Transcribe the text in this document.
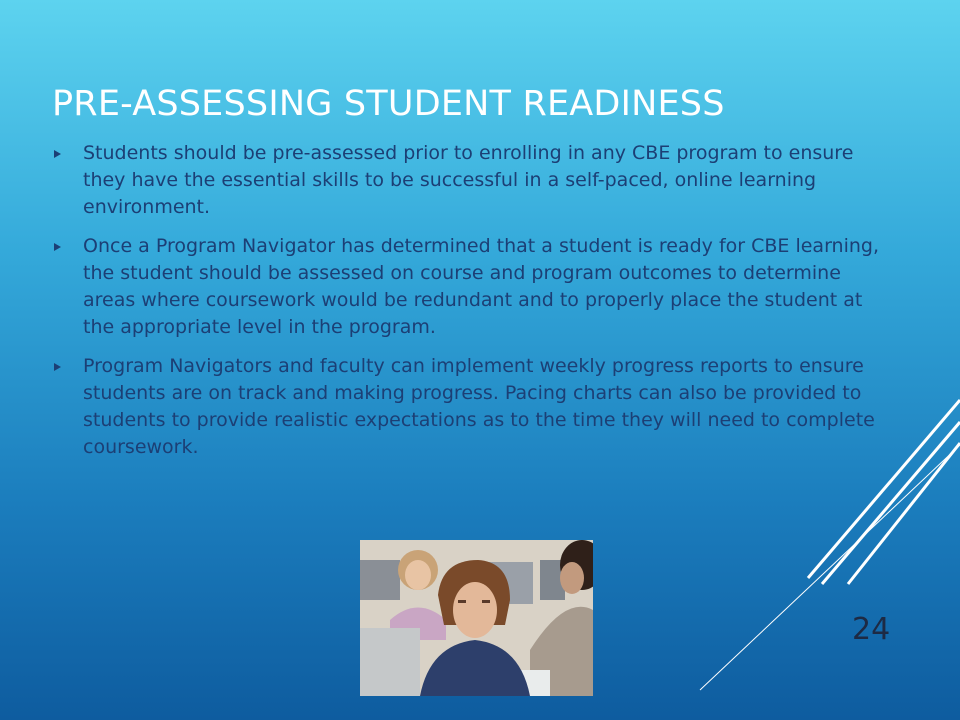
PRE-ASSESSING STUDENT READINESS
Students should be pre-assessed prior to enrolling in any CBE program to ensure they have the essential skills to be successful in a self-paced, online learning environment.
Once a Program Navigator has determined that a student is ready for CBE learning, the student should be assessed on course and program outcomes to determine areas where coursework would be redundant and to properly place the student at the appropriate level in the program.
Program Navigators and faculty can implement weekly progress reports to ensure students are on track and making progress. Pacing charts can also be provided to students to provide realistic expectations as to the time they will need to complete coursework.
24
